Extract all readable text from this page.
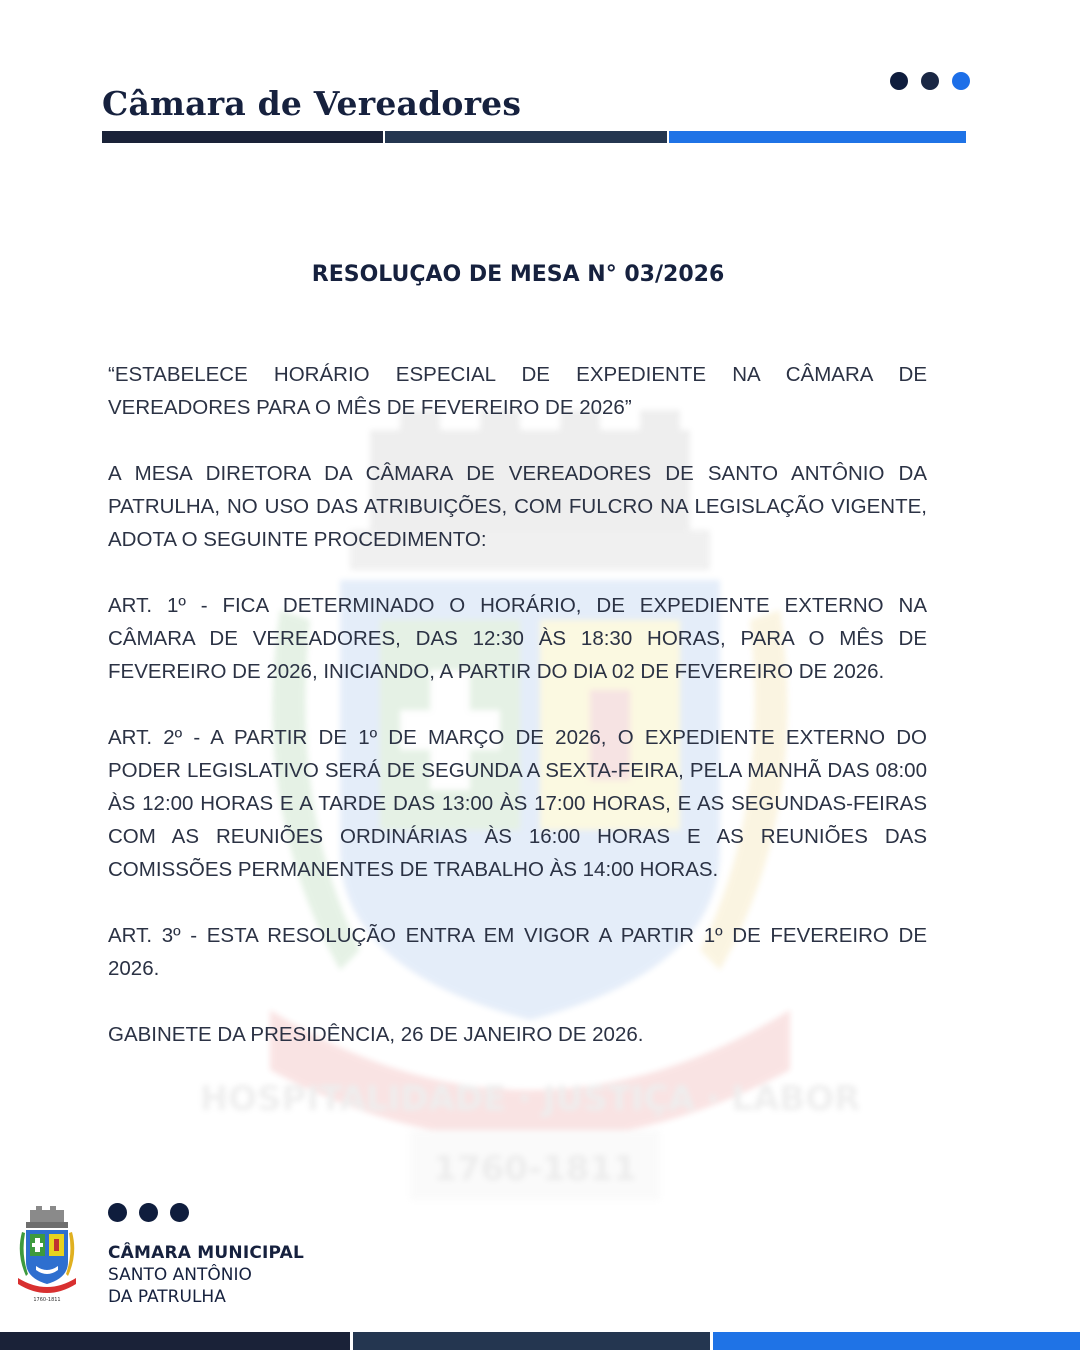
HOSPITALIDADE · JUSTIÇA · LABOR
1760-1811
Câmara de Vereadores
RESOLUÇAO DE MESA N° 03/2026

“ESTABELECE HORÁRIO ESPECIAL DE EXPEDIENTE NA CÂMARA DE VEREADORES PARA O MÊS DE FEVEREIRO DE 2026”

A MESA DIRETORA DA CÂMARA DE VEREADORES DE SANTO ANTÔNIO DA PATRULHA, NO USO DAS ATRIBUIÇÕES, COM FULCRO NA LEGISLAÇÃO VIGENTE, ADOTA O SEGUINTE PROCEDIMENTO:

ART. 1º - FICA DETERMINADO O HORÁRIO, DE EXPEDIENTE EXTERNO NA CÂMARA DE VEREADORES, DAS 12:30 ÀS 18:30 HORAS, PARA O MÊS DE FEVEREIRO DE 2026, INICIANDO, A PARTIR DO DIA 02 DE FEVEREIRO DE 2026.

ART. 2º - A PARTIR DE 1º DE MARÇO DE 2026, O EXPEDIENTE EXTERNO DO PODER LEGISLATIVO SERÁ DE SEGUNDA A SEXTA-FEIRA, PELA MANHÃ DAS 08:00 ÀS 12:00 HORAS E A TARDE DAS 13:00 ÀS 17:00 HORAS, E AS SEGUNDAS-FEIRAS COM AS REUNIÕES ORDINÁRIAS ÀS 16:00 HORAS E AS REUNIÕES DAS COMISSÕES PERMANENTES DE TRABALHO ÀS 14:00 HORAS.

ART. 3º - ESTA RESOLUÇÃO ENTRA EM VIGOR A PARTIR 1º DE FEVEREIRO DE 2026.

GABINETE DA PRESIDÊNCIA, 26 DE JANEIRO DE 2026.

1760-1811
CÂMARA MUNICIPAL
SANTO ANTÔNIO
DA PATRULHA
